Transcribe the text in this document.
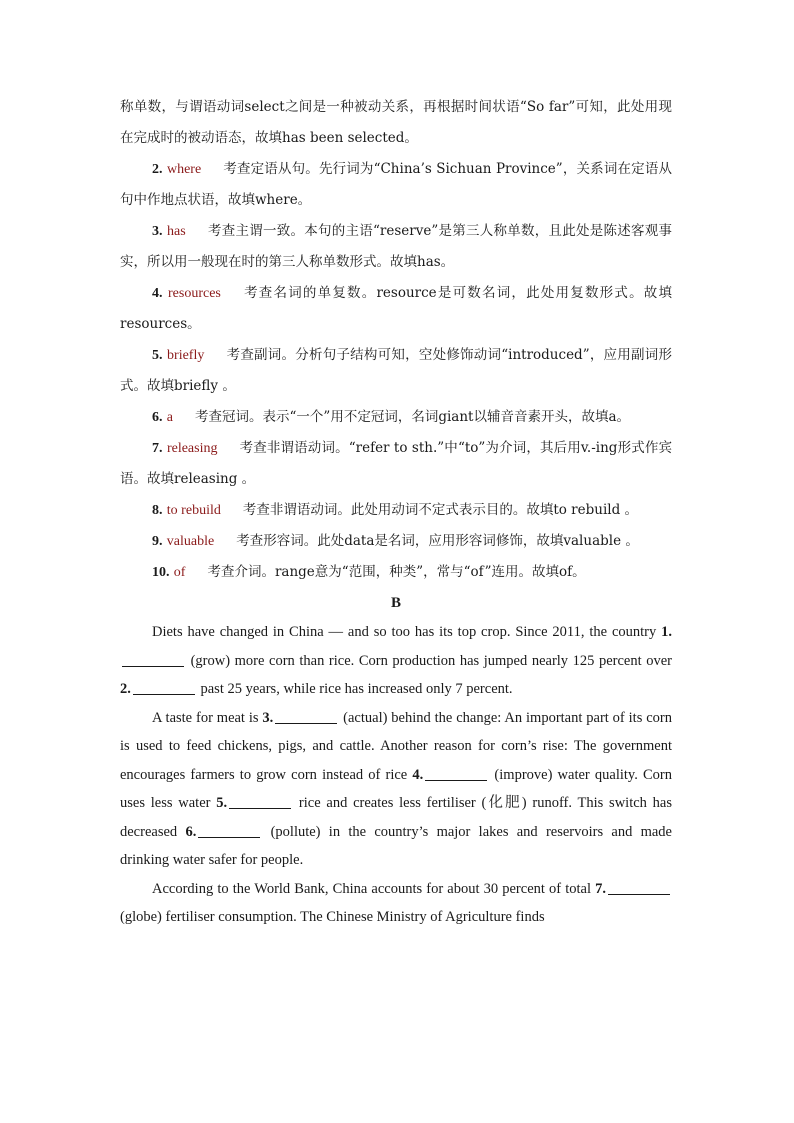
称单数，与谓语动词select之间是一种被动关系，再根据时间状语“So far”可知，此处用现在完成时的被动语态，故填has been selected。

2. where 考查定语从句。先行词为“China’s Sichuan Province”，关系词在定语从句中作地点状语，故填where。

3. has 考查主谓一致。本句的主语“reserve”是第三人称单数，且此处是陈述客观事实，所以用一般现在时的第三人称单数形式。故填has。

4. resources 考查名词的单复数。resource是可数名词，此处用复数形式。故填resources。

5. briefly 考查副词。分析句子结构可知，空处修饰动词“introduced”，应用副词形式。故填briefly 。

6. a 考查冠词。表示“一个”用不定冠词，名词giant以辅音音素开头，故填a。

7. releasing 考查非谓语动词。“refer to sth.”中“to”为介词，其后用v.-ing形式作宾语。故填releasing 。

8. to rebuild 考查非谓语动词。此处用动词不定式表示目的。故填to rebuild 。

9. valuable 考查形容词。此处data是名词，应用形容词修饰，故填valuable 。

10. of 考查介词。range意为“范围，种类”，常与“of”连用。故填of。

B

Diets have changed in China — and so too has its top crop. Since 2011, the country 1. (grow) more corn than rice. Corn production has jumped nearly 125 percent over 2.	past 25 years, while rice has increased only 7 percent.

A taste for meat is 3.	(actual) behind the change: An important part of its corn is used to feed chickens, pigs, and cattle. Another reason for corn’s rise: The government encourages farmers to grow corn instead of rice 4.	(improve) water quality. Corn uses less water 5.	rice and creates less fertiliser (化肥) runoff. This switch has decreased 6.	(pollute) in the country’s major lakes and reservoirs and made drinking water safer for people.

According to the World Bank, China accounts for about 30 percent of total 7. (globe) fertiliser consumption. The Chinese Ministry of Agriculture finds
